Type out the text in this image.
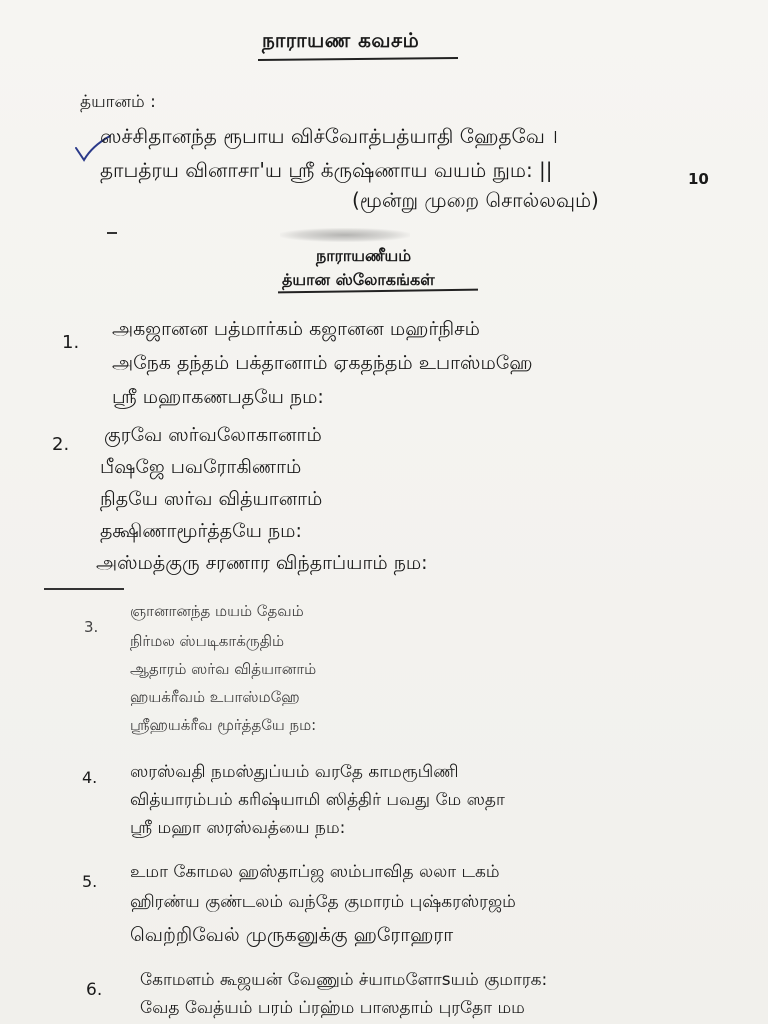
நாராயண கவசம்
த்யானம் :
ஸச்சிதானந்த ரூபாய விச்வோத்பத்யாதி ஹேதவே ।
தாபத்ரய வினாசா'ய ஸ்ரீ க்ருஷ்ணாய வயம் நும: ||
(மூன்று முறை சொல்லவும்)
10
நாராயணீயம்
த்யான ஸ்லோகங்கள்
1.
அகஜானன பத்மார்கம் கஜானன மஹர்நிசம்
அநேக தந்தம் பக்தானாம் ஏகதந்தம் உபாஸ்மஹே
ஸ்ரீ மஹாகணபதயே நம:
2. குரவே ஸர்வலோகானாம்
பீஷஜே பவரோகிணாம்
நிதயே ஸர்வ வித்யானாம்
தக்ஷிணாமூர்த்தயே நம:
அஸ்மத்குரு சரணார விந்தாப்யாம் நம:
3.
ஞானானந்த மயம் தேவம்
நிர்மல ஸ்படிகாக்ருதிம்
ஆதாரம் ஸர்வ வித்யானாம்
ஹயக்ரீவம் உபாஸ்மஹே
ஸ்ரீஹயக்ரீவ மூர்த்தயே நம:
4. ஸரஸ்வதி நமஸ்துப்யம் வரதே காமரூபிணி
வித்யாரம்பம் கரிஷ்யாமி ஸித்திர் பவது மே ஸதா
ஸ்ரீ மஹா ஸரஸ்வத்யை நம:
5. உமா கோமல ஹஸ்தாப்ஜ ஸம்பாவித லலா டகம்
ஹிரண்ய குண்டலம் வந்தே குமாரம் புஷ்கரஸ்ரஜம்
வெற்றிவேல் முருகனுக்கு ஹரோஹரா
6. கோமளம் கூஜயன் வேணும் ச்யாமளோsயம் குமாரக:
வேத வேத்யம் பரம் ப்ரஹ்ம பாஸதாம் புரதோ மம
